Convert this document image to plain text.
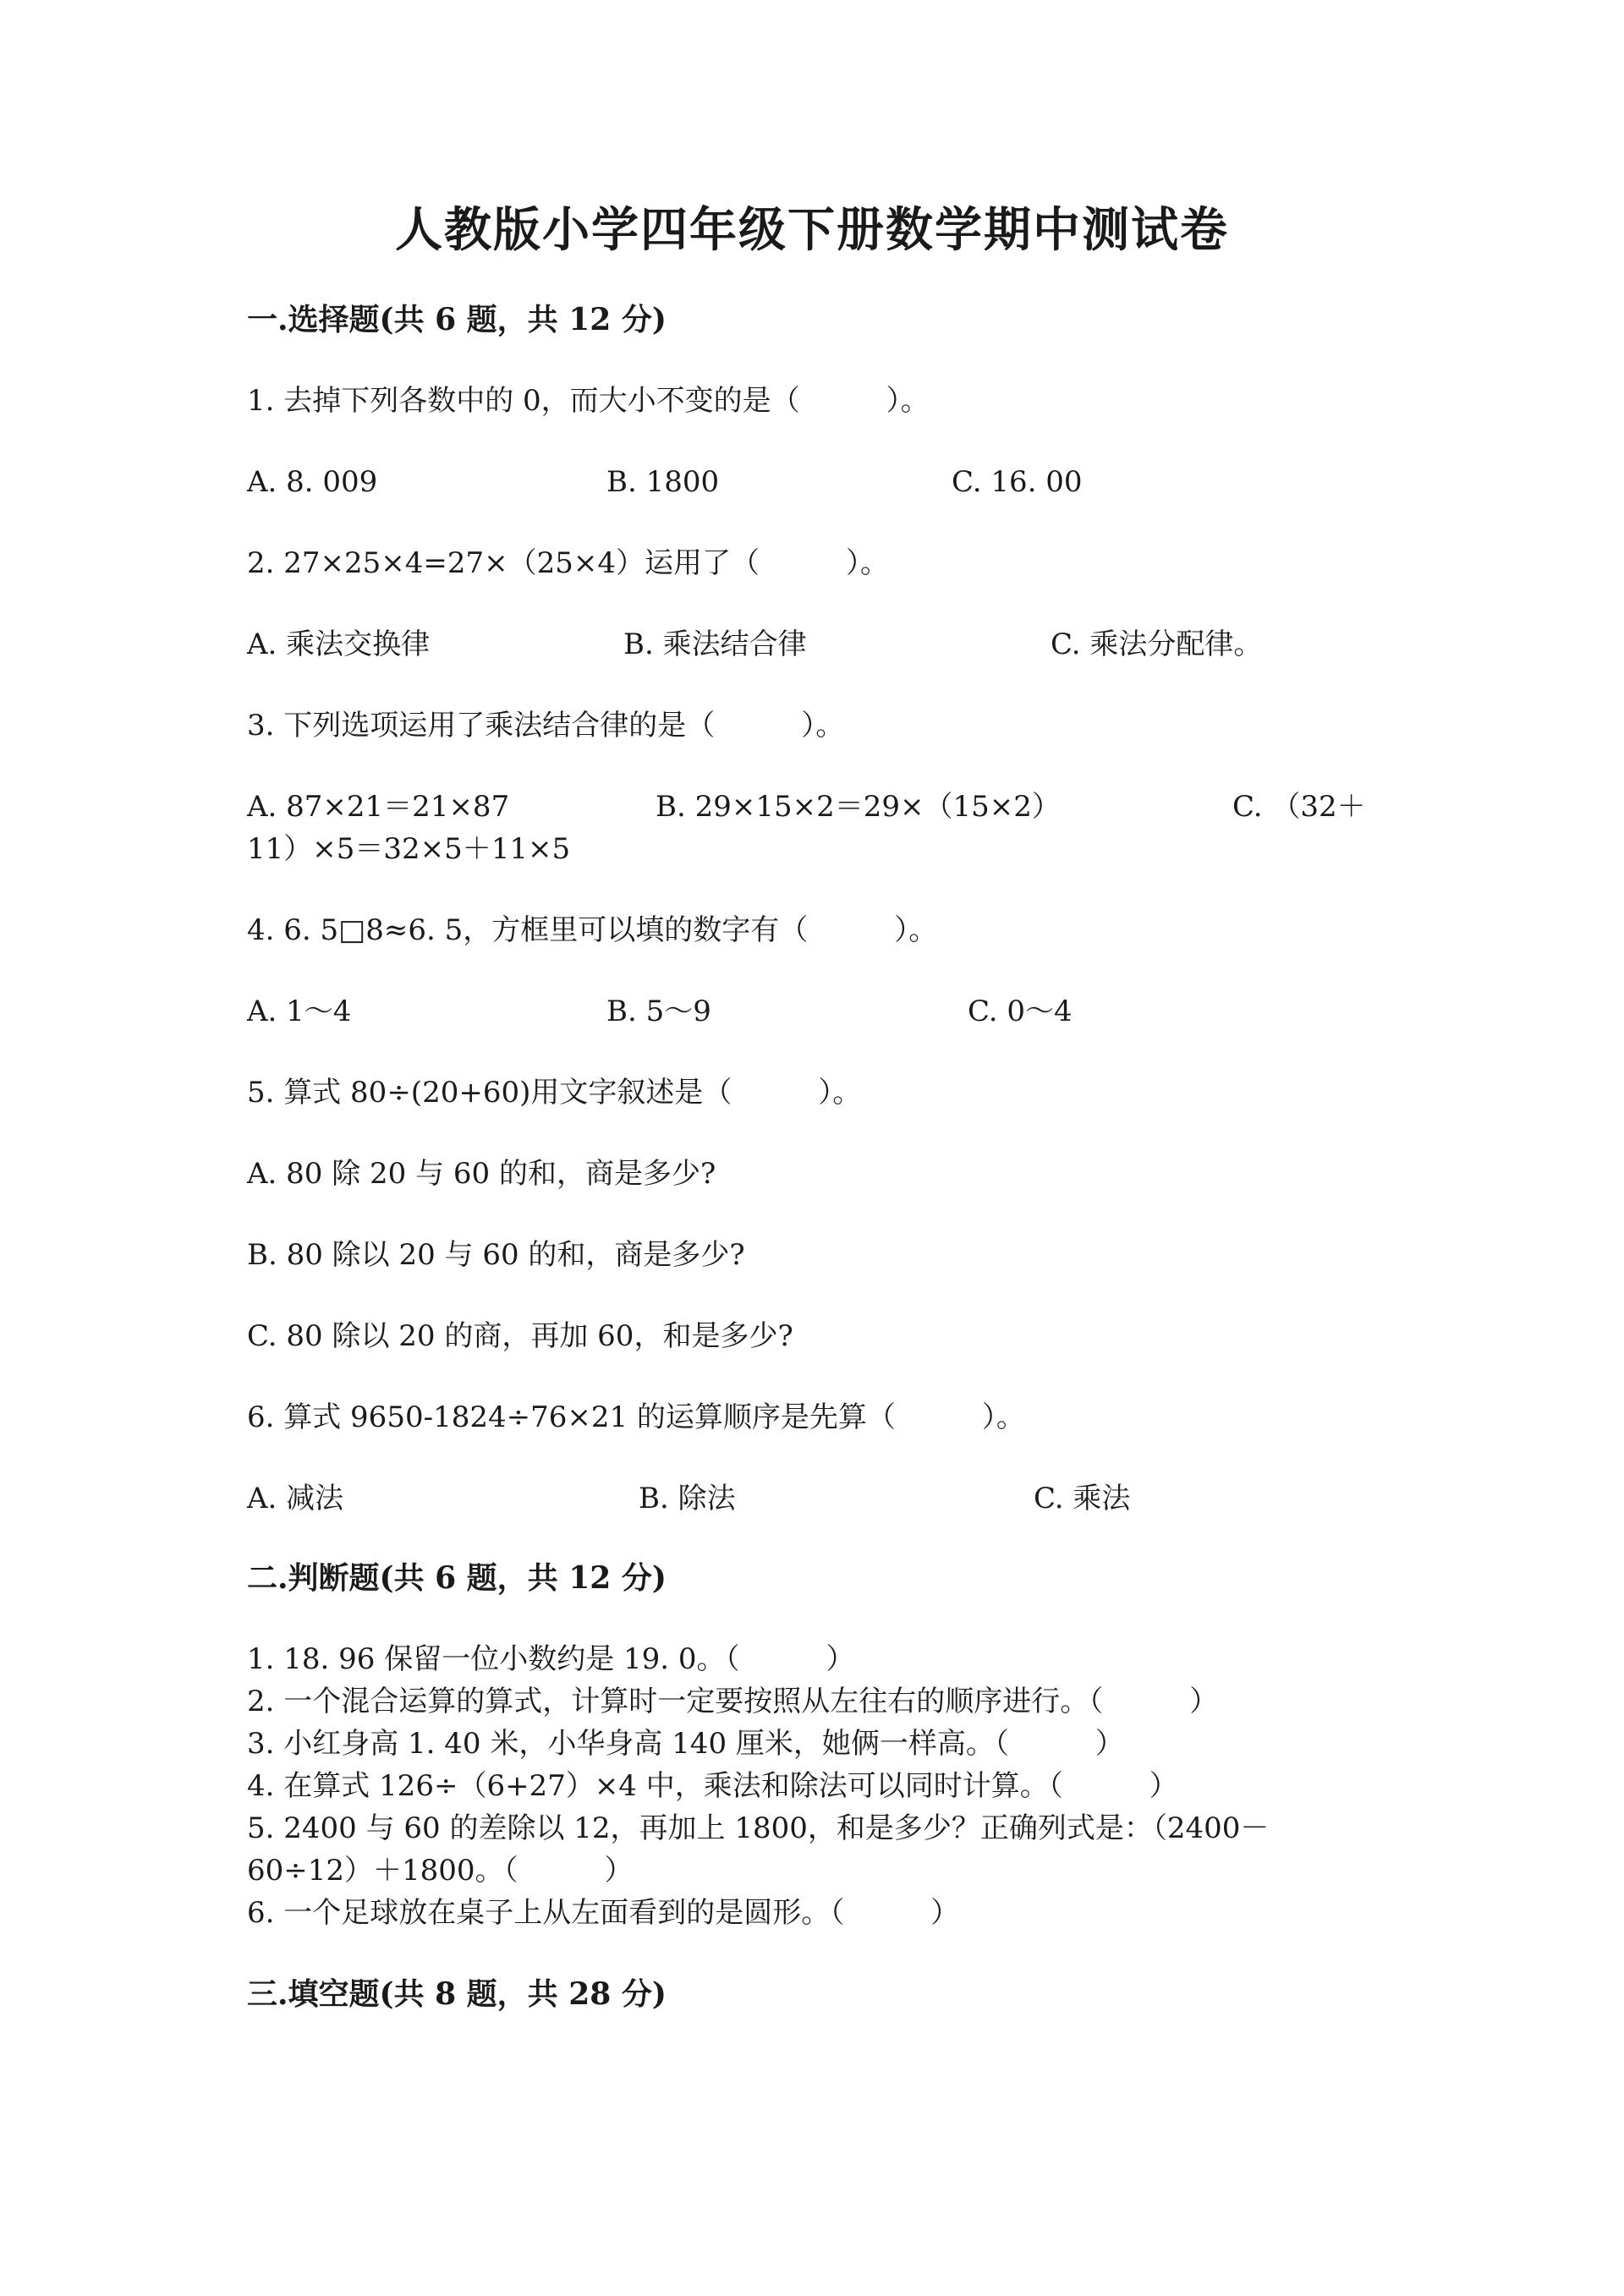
人教版小学四年级下册数学期中测试卷
一.选择题(共 6 题，共 12 分)
1. 去掉下列各数中的 0，而大小不变的是（　　　）。
A. 8. 009	B. 1800	C. 16. 00
2. 27×25×4=27×（25×4）运用了（　　　）。
A. 乘法交换律	B. 乘法结合律	C. 乘法分配律。
3. 下列选项运用了乘法结合律的是（　　　）。
A. 87×21＝21×87	B. 29×15×2＝29×（15×2）	C. （32＋
11）×5＝32×5＋11×5
4. 6. 5□8≈6. 5，方框里可以填的数字有（　　　）。
A. 1～4	B. 5～9	C. 0～4
5. 算式 80÷(20+60)用文字叙述是（　　　）。
A. 80 除 20 与 60 的和，商是多少?
B. 80 除以 20 与 60 的和，商是多少?
C. 80 除以 20 的商，再加 60，和是多少?
6. 算式 9650-1824÷76×21 的运算顺序是先算（　　　）。
A. 减法	B. 除法	C. 乘法
二.判断题(共 6 题，共 12 分)
1. 18. 96 保留一位小数约是 19. 0。（　　　）
2. 一个混合运算的算式，计算时一定要按照从左往右的顺序进行。（　　　）
3. 小红身高 1. 40 米，小华身高 140 厘米，她俩一样高。（　　　）
4. 在算式 126÷（6+27）×4 中，乘法和除法可以同时计算。（　　　）
5. 2400 与 60 的差除以 12，再加上 1800，和是多少？正确列式是：（2400－
60÷12）＋1800。（　　　）
6. 一个足球放在桌子上从左面看到的是圆形。（　　　）
三.填空题(共 8 题，共 28 分)
